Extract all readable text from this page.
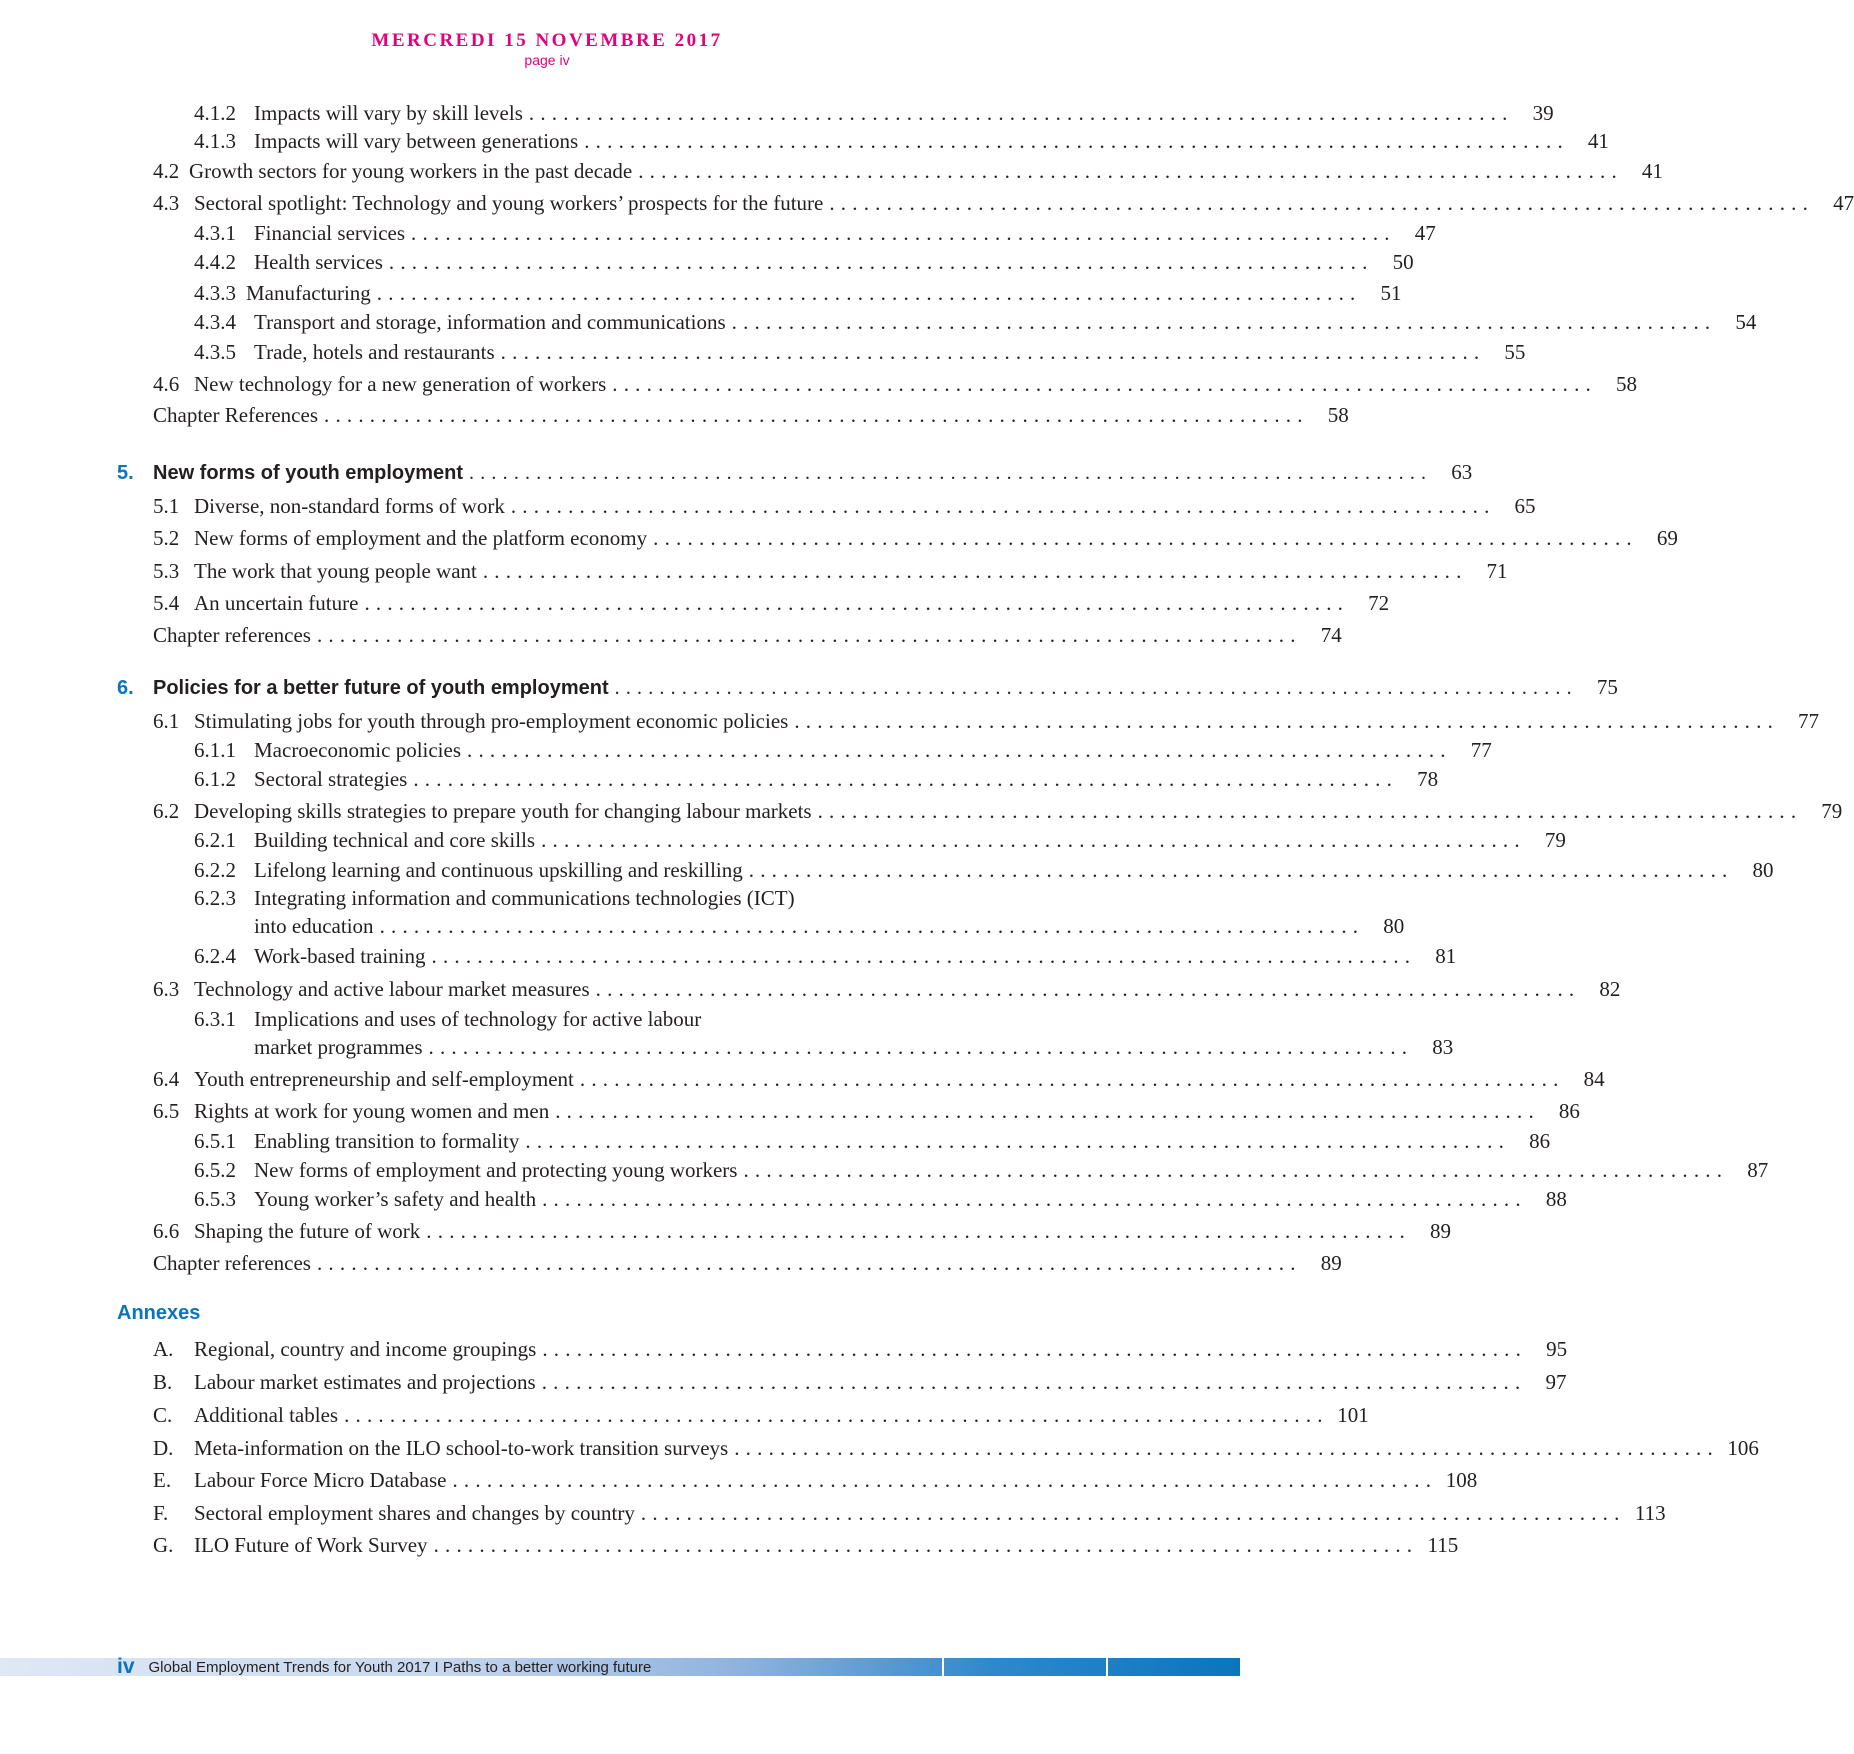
MERCREDI 15 NOVEMBRE 2017
page iv
4.1.2 Impacts will vary by skill levels ...................................................................................... 39
4.1.3 Impacts will vary between generations ...................................................................................... 41
4.2 Growth sectors for young workers in the past decade ...................................................................................... 41
4.3 Sectoral spotlight: Technology and young workers’ prospects for the future ...................................................................................... 47
4.3.1 Financial services ...................................................................................... 47
4.4.2 Health services ...................................................................................... 50
4.3.3 Manufacturing ...................................................................................... 51
4.3.4 Transport and storage, information and communications ...................................................................................... 54
4.3.5 Trade, hotels and restaurants ...................................................................................... 55
4.6 New technology for a new generation of workers ...................................................................................... 58
Chapter References ...................................................................................... 58
5. New forms of youth employment ...................................................................................... 63
5.1 Diverse, non-standard forms of work ...................................................................................... 65
5.2 New forms of employment and the platform economy ...................................................................................... 69
5.3 The work that young people want ...................................................................................... 71
5.4 An uncertain future ...................................................................................... 72
Chapter references ...................................................................................... 74
6. Policies for a better future of youth employment ...................................................................................... 75
6.1 Stimulating jobs for youth through pro-employment economic policies ...................................................................................... 77
6.1.1 Macroeconomic policies ...................................................................................... 77
6.1.2 Sectoral strategies ...................................................................................... 78
6.2 Developing skills strategies to prepare youth for changing labour markets ...................................................................................... 79
6.2.1 Building technical and core skills ...................................................................................... 79
6.2.2 Lifelong learning and continuous upskilling and reskilling ...................................................................................... 80
6.2.3 Integrating information and communications technologies (ICT)
into education ...................................................................................... 80
6.2.4 Work-based training ...................................................................................... 81
6.3 Technology and active labour market measures ...................................................................................... 82
6.3.1 Implications and uses of technology for active labour
market programmes ...................................................................................... 83
6.4 Youth entrepreneurship and self-employment ...................................................................................... 84
6.5 Rights at work for young women and men ...................................................................................... 86
6.5.1 Enabling transition to formality ...................................................................................... 86
6.5.2 New forms of employment and protecting young workers ...................................................................................... 87
6.5.3 Young worker’s safety and health ...................................................................................... 88
6.6 Shaping the future of work ...................................................................................... 89
Chapter references ...................................................................................... 89
Annexes
A. Regional, country and income groupings ...................................................................................... 95
B.	Labour market estimates and projections ...................................................................................... 97
C.	Additional tables ...................................................................................... 101
D. Meta-information on the ILO school-to-work transition surveys ...................................................................................... 106
E.	Labour Force Micro Database ...................................................................................... 108
F.	Sectoral employment shares and changes by country ...................................................................................... 113
G. ILO Future of Work Survey ...................................................................................... 115
iv Global Employment Trends for Youth 2017 I Paths to a better working future
